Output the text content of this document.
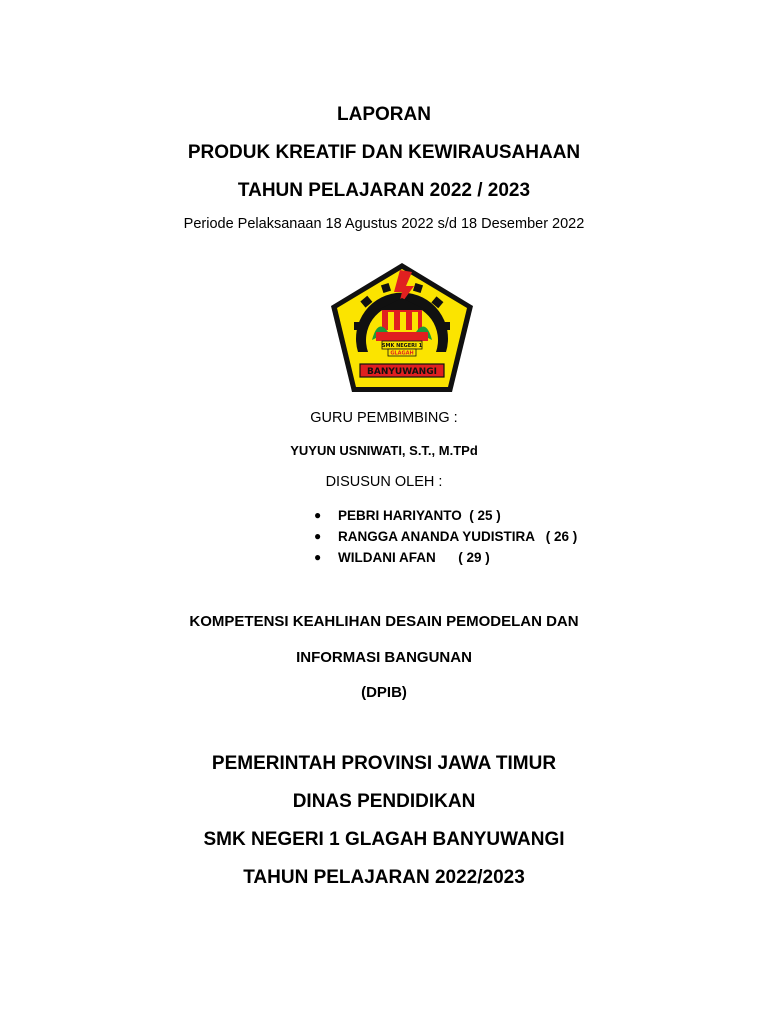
LAPORAN
PRODUK KREATIF DAN KEWIRAUSAHAAN
TAHUN PELAJARAN 2022 / 2023
Periode Pelaksanaan 18 Agustus 2022 s/d 18 Desember 2022
SMK NEGERI 1
GLAGAH
BANYUWANGI
GURU PEMBIMBING :
YUYUN USNIWATI, S.T., M.TPd
DISUSUN OLEH :
● PEBRI HARIYANTO  ( 25 )
● RANGGA ANANDA YUDISTIRA   ( 26 )
● WILDANI AFAN      ( 29 )
KOMPETENSI KEAHLIHAN DESAIN PEMODELAN DAN
INFORMASI BANGUNAN
(DPIB)
PEMERINTAH PROVINSI JAWA TIMUR
DINAS PENDIDIKAN
SMK NEGERI 1 GLAGAH BANYUWANGI
TAHUN PELAJARAN 2022/2023
